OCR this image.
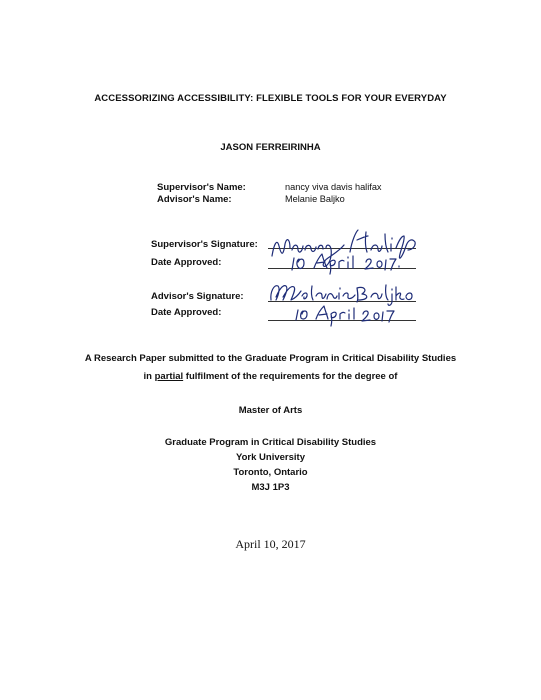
ACCESSORIZING ACCESSIBILITY: FLEXIBLE TOOLS FOR YOUR EVERYDAY
JASON FERREIRINHA
Supervisor's Name:	nancy viva davis halifax
Advisor's Name:	Melanie Baljko
Supervisor's Signature:
Date Approved:
Advisor's Signature:
Date Approved:
A Research Paper submitted to the Graduate Program in Critical Disability Studies
in partial fulfilment of the requirements for the degree of
Master of Arts
Graduate Program in Critical Disability Studies
York University
Toronto, Ontario
M3J 1P3
April 10, 2017
